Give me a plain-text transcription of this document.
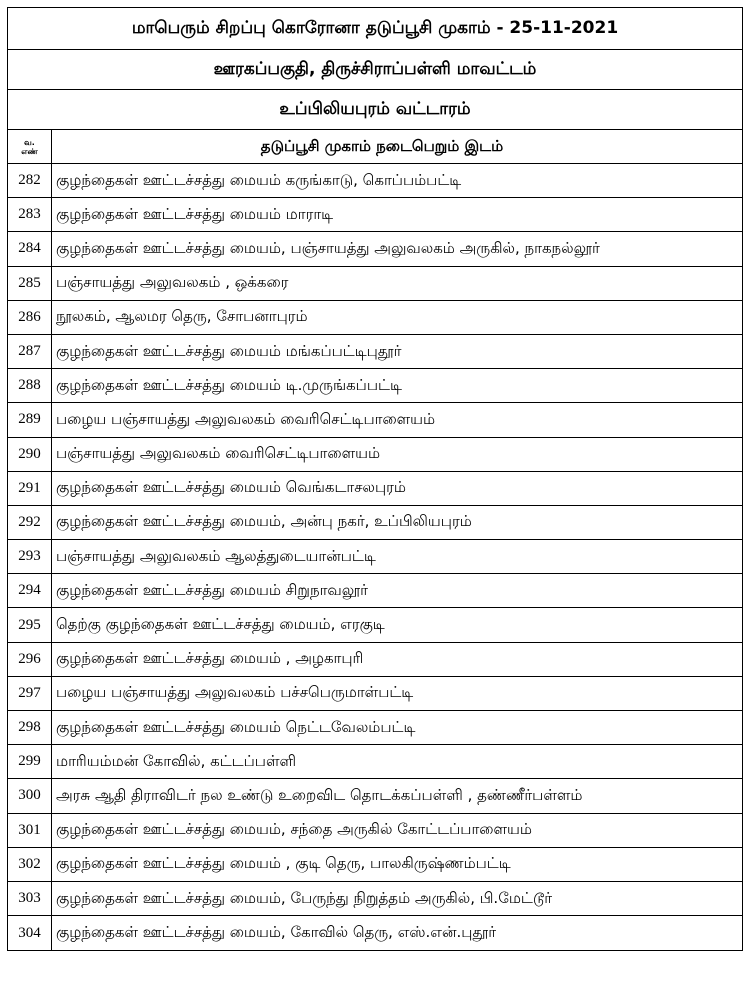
மாபெரும் சிறப்பு கொரோனா தடுப்பூசி முகாம் - 25-11-2021
ஊரகப்பகுதி, திருச்சிராப்பள்ளி மாவட்டம்
உப்பிலியபுரம் வட்டாரம்
வ.
எண்	தடுப்பூசி முகாம் நடைபெறும் இடம்
282	குழந்தைகள் ஊட்டச்சத்து மையம் கருங்காடு, கொப்பம்பட்டி
283	குழந்தைகள் ஊட்டச்சத்து மையம் மாராடி
284	குழந்தைகள் ஊட்டச்சத்து மையம், பஞ்சாயத்து அலுவலகம் அருகில், நாகநல்லூர்
285	பஞ்சாயத்து அலுவலகம் , ஒக்கரை
286	நூலகம், ஆலமர தெரு, சோபனாபுரம்
287	குழந்தைகள் ஊட்டச்சத்து மையம் மங்கப்பட்டிபுதூர்
288	குழந்தைகள் ஊட்டச்சத்து மையம் டி.முருங்கப்பட்டி
289	பழைய பஞ்சாயத்து அலுவலகம் வைரிசெட்டிபாளையம்
290	பஞ்சாயத்து அலுவலகம் வைரிசெட்டிபாளையம்
291	குழந்தைகள் ஊட்டச்சத்து மையம் வெங்கடாசலபுரம்
292	குழந்தைகள் ஊட்டச்சத்து மையம், அன்பு நகர், உப்பிலியபுரம்
293	பஞ்சாயத்து அலுவலகம் ஆலத்துடையான்பட்டி
294	குழந்தைகள் ஊட்டச்சத்து மையம் சிறுநாவலூர்
295	தெற்கு குழந்தைகள் ஊட்டச்சத்து மையம், எரகுடி
296	குழந்தைகள் ஊட்டச்சத்து மையம் , அழகாபுரி
297	பழைய பஞ்சாயத்து அலுவலகம் பச்சபெருமாள்பட்டி
298	குழந்தைகள் ஊட்டச்சத்து மையம் நெட்டவேலம்பட்டி
299	மாரியம்மன் கோவில், கட்டப்பள்ளி
300	அரசு ஆதி திராவிடர் நல உண்டு உறைவிட தொடக்கப்பள்ளி , தண்ணீர்பள்ளம்
301	குழந்தைகள் ஊட்டச்சத்து மையம், சந்தை அருகில் கோட்டப்பாளையம்
302	குழந்தைகள் ஊட்டச்சத்து மையம் , குடி தெரு, பாலகிருஷ்ணம்பட்டி
303	குழந்தைகள் ஊட்டச்சத்து மையம், பேருந்து நிறுத்தம் அருகில், பி.மேட்டூர்
304	குழந்தைகள் ஊட்டச்சத்து மையம், கோவில் தெரு, எஸ்.என்.புதூர்
